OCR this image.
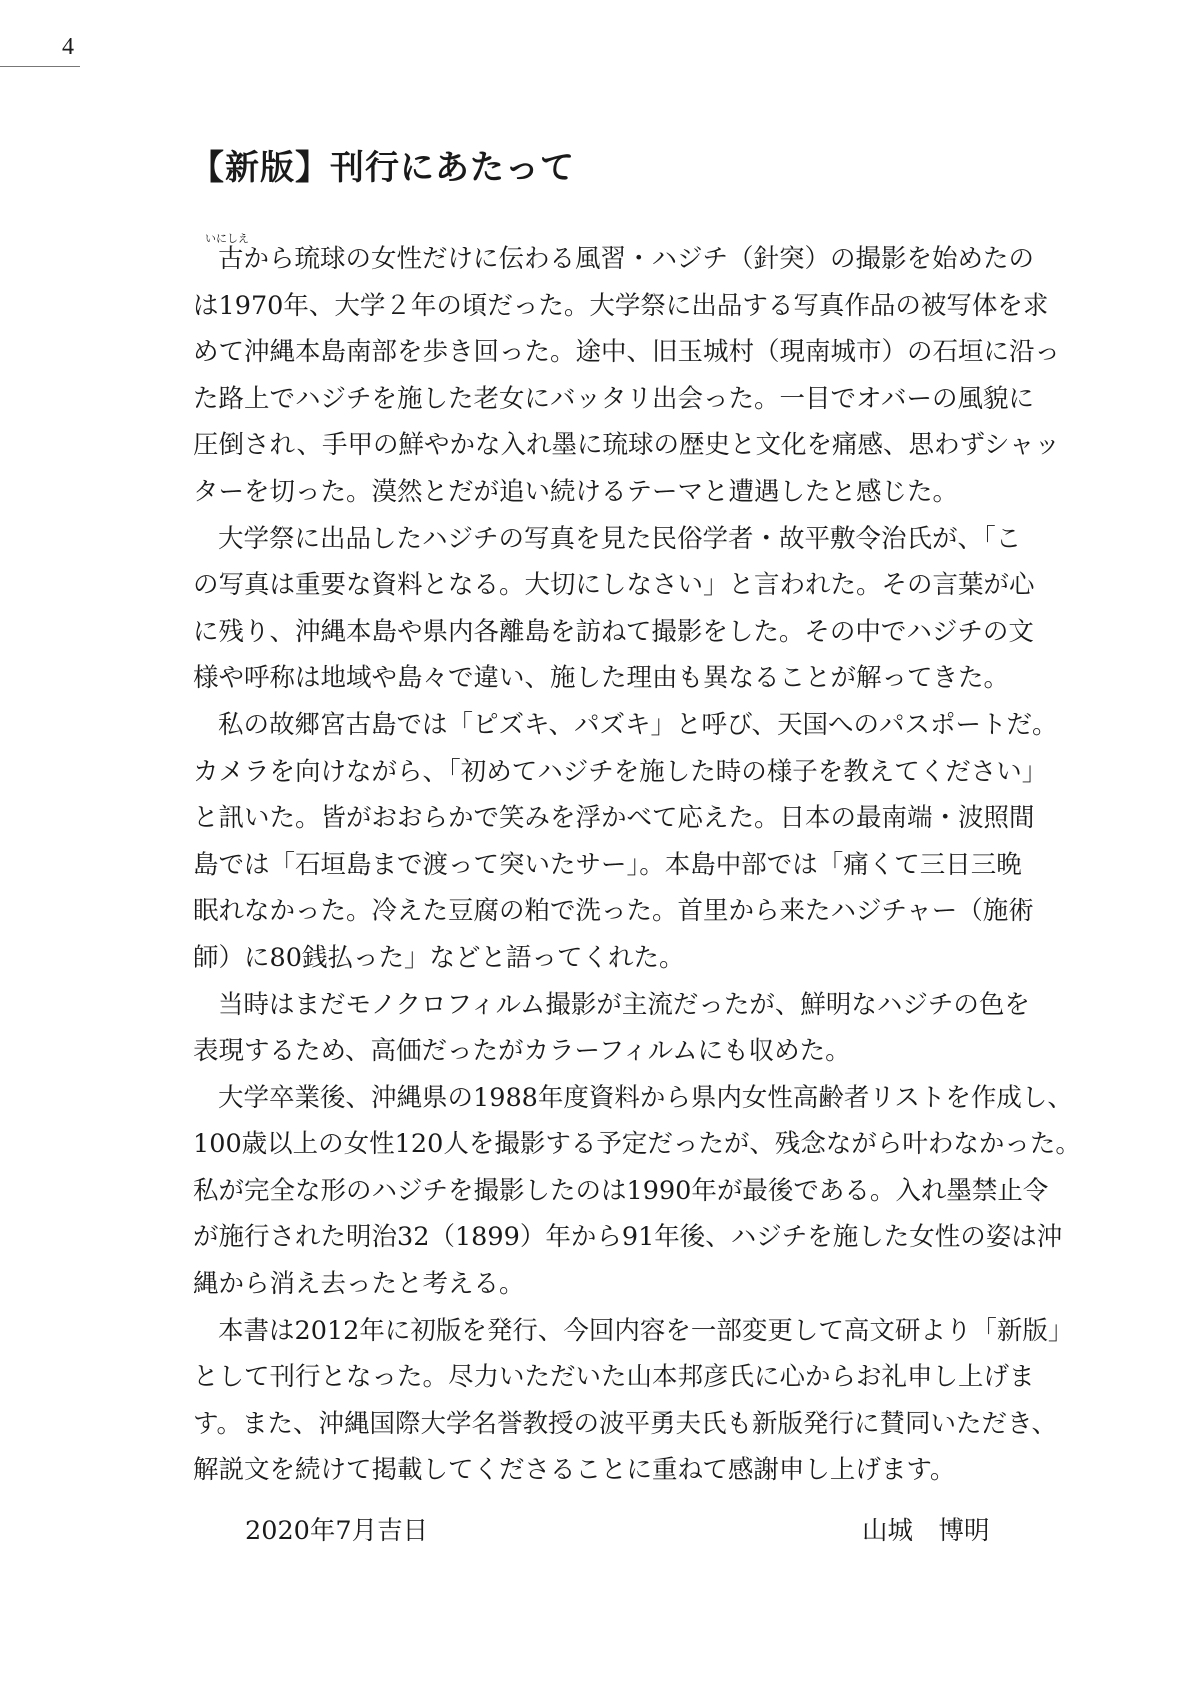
4
【新版】刊行にあたって
いにしえ
古から琉球の女性だけに伝わる風習・ハジチ（針突）の撮影を始めたの
は1970年、大学２年の頃だった。大学祭に出品する写真作品の被写体を求
めて沖縄本島南部を歩き回った。途中、旧玉城村（現南城市）の石垣に沿っ
た路上でハジチを施した老女にバッタリ出会った。一目でオバーの風貌に
圧倒され、手甲の鮮やかな入れ墨に琉球の歴史と文化を痛感、思わずシャッ
ターを切った。漠然とだが追い続けるテーマと遭遇したと感じた。
大学祭に出品したハジチの写真を見た民俗学者・故平敷令治氏が、「こ
の写真は重要な資料となる。大切にしなさい」と言われた。その言葉が心
に残り、沖縄本島や県内各離島を訪ねて撮影をした。その中でハジチの文
様や呼称は地域や島々で違い、施した理由も異なることが解ってきた。
私の故郷宮古島では「ピズキ、パズキ」と呼び、天国へのパスポートだ。
カメラを向けながら、「初めてハジチを施した時の様子を教えてください」
と訊いた。皆がおおらかで笑みを浮かべて応えた。日本の最南端・波照間
島では「石垣島まで渡って突いたサー」。本島中部では「痛くて三日三晩
眠れなかった。冷えた豆腐の粕で洗った。首里から来たハジチャー（施術
師）に80銭払った」などと語ってくれた。
当時はまだモノクロフィルム撮影が主流だったが、鮮明なハジチの色を
表現するため、高価だったがカラーフィルムにも収めた。
大学卒業後、沖縄県の1988年度資料から県内女性高齢者リストを作成し、
100歳以上の女性120人を撮影する予定だったが、残念ながら叶わなかった。
私が完全な形のハジチを撮影したのは1990年が最後である。入れ墨禁止令
が施行された明治32（1899）年から91年後、ハジチを施した女性の姿は沖
縄から消え去ったと考える。
本書は2012年に初版を発行、今回内容を一部変更して高文研より「新版」
として刊行となった。尽力いただいた山本邦彦氏に心からお礼申し上げま
す。また、沖縄国際大学名誉教授の波平勇夫氏も新版発行に賛同いただき、
解説文を続けて掲載してくださることに重ねて感謝申し上げます。
2020年7月吉日	山城　博明
